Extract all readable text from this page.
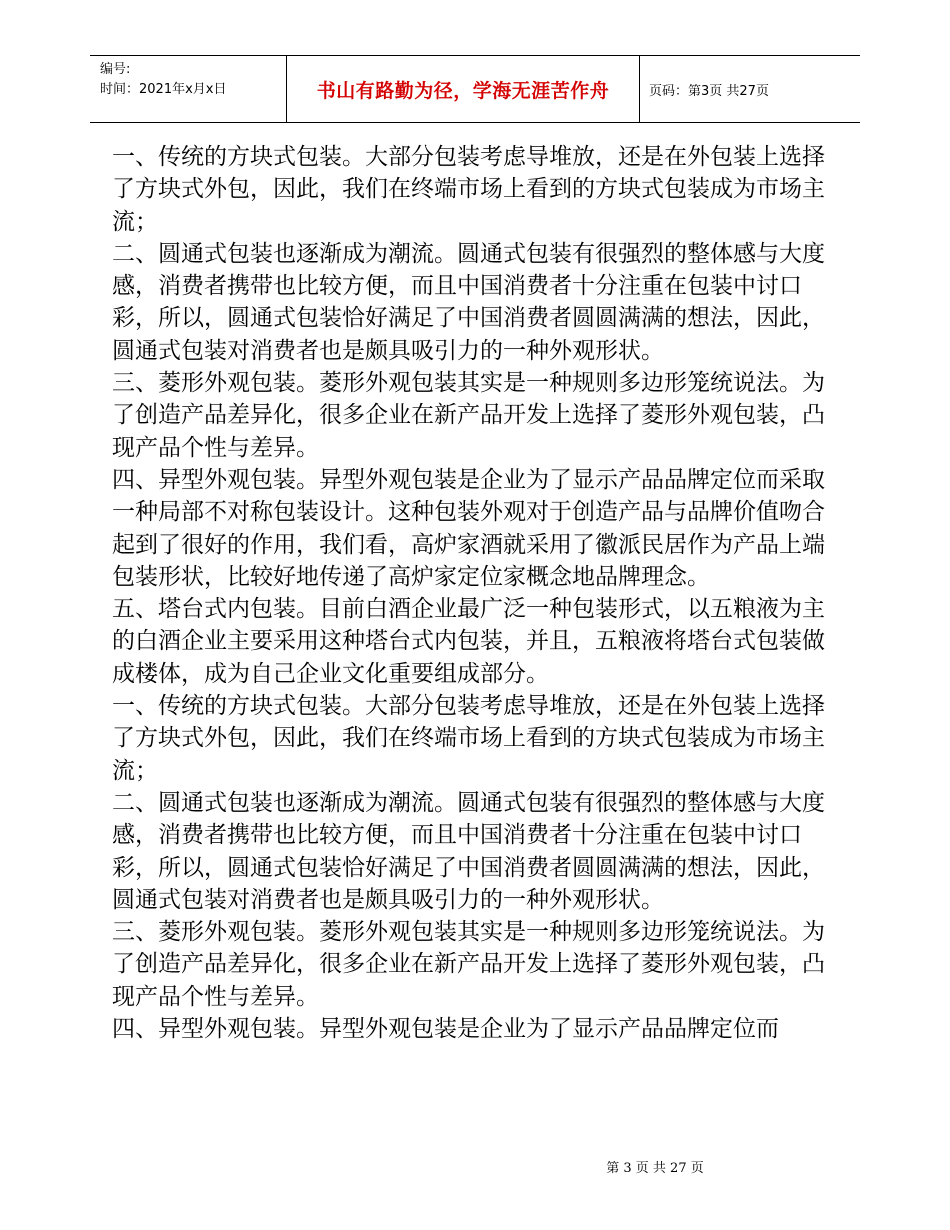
编号:
时间：2021年x月x日	书山有路勤为径，学海无涯苦作舟	页码：第3页 共27页

一、传统的方块式包装。大部分包装考虑导堆放，还是在外包装上选择了方块式外包，因此，我们在终端市场上看到的方块式包装成为市场主流；

二、圆通式包装也逐渐成为潮流。圆通式包装有很强烈的整体感与大度感，消费者携带也比较方便，而且中国消费者十分注重在包装中讨口彩，所以，圆通式包装恰好满足了中国消费者圆圆满满的想法，因此，圆通式包装对消费者也是颇具吸引力的一种外观形状。

三、菱形外观包装。菱形外观包装其实是一种规则多边形笼统说法。为了创造产品差异化，很多企业在新产品开发上选择了菱形外观包装，凸现产品个性与差异。

四、异型外观包装。异型外观包装是企业为了显示产品品牌定位而采取一种局部不对称包装设计。这种包装外观对于创造产品与品牌价值吻合起到了很好的作用，我们看，高炉家酒就采用了徽派民居作为产品上端包装形状，比较好地传递了高炉家定位家概念地品牌理念。

五、塔台式内包装。目前白酒企业最广泛一种包装形式，以五粮液为主的白酒企业主要采用这种塔台式内包装，并且，五粮液将塔台式包装做成楼体，成为自己企业文化重要组成部分。

一、传统的方块式包装。大部分包装考虑导堆放，还是在外包装上选择了方块式外包，因此，我们在终端市场上看到的方块式包装成为市场主流；

二、圆通式包装也逐渐成为潮流。圆通式包装有很强烈的整体感与大度感，消费者携带也比较方便，而且中国消费者十分注重在包装中讨口彩，所以，圆通式包装恰好满足了中国消费者圆圆满满的想法，因此，圆通式包装对消费者也是颇具吸引力的一种外观形状。

三、菱形外观包装。菱形外观包装其实是一种规则多边形笼统说法。为了创造产品差异化，很多企业在新产品开发上选择了菱形外观包装，凸现产品个性与差异。

四、异型外观包装。异型外观包装是企业为了显示产品品牌定位而

第 3 页 共 27 页
